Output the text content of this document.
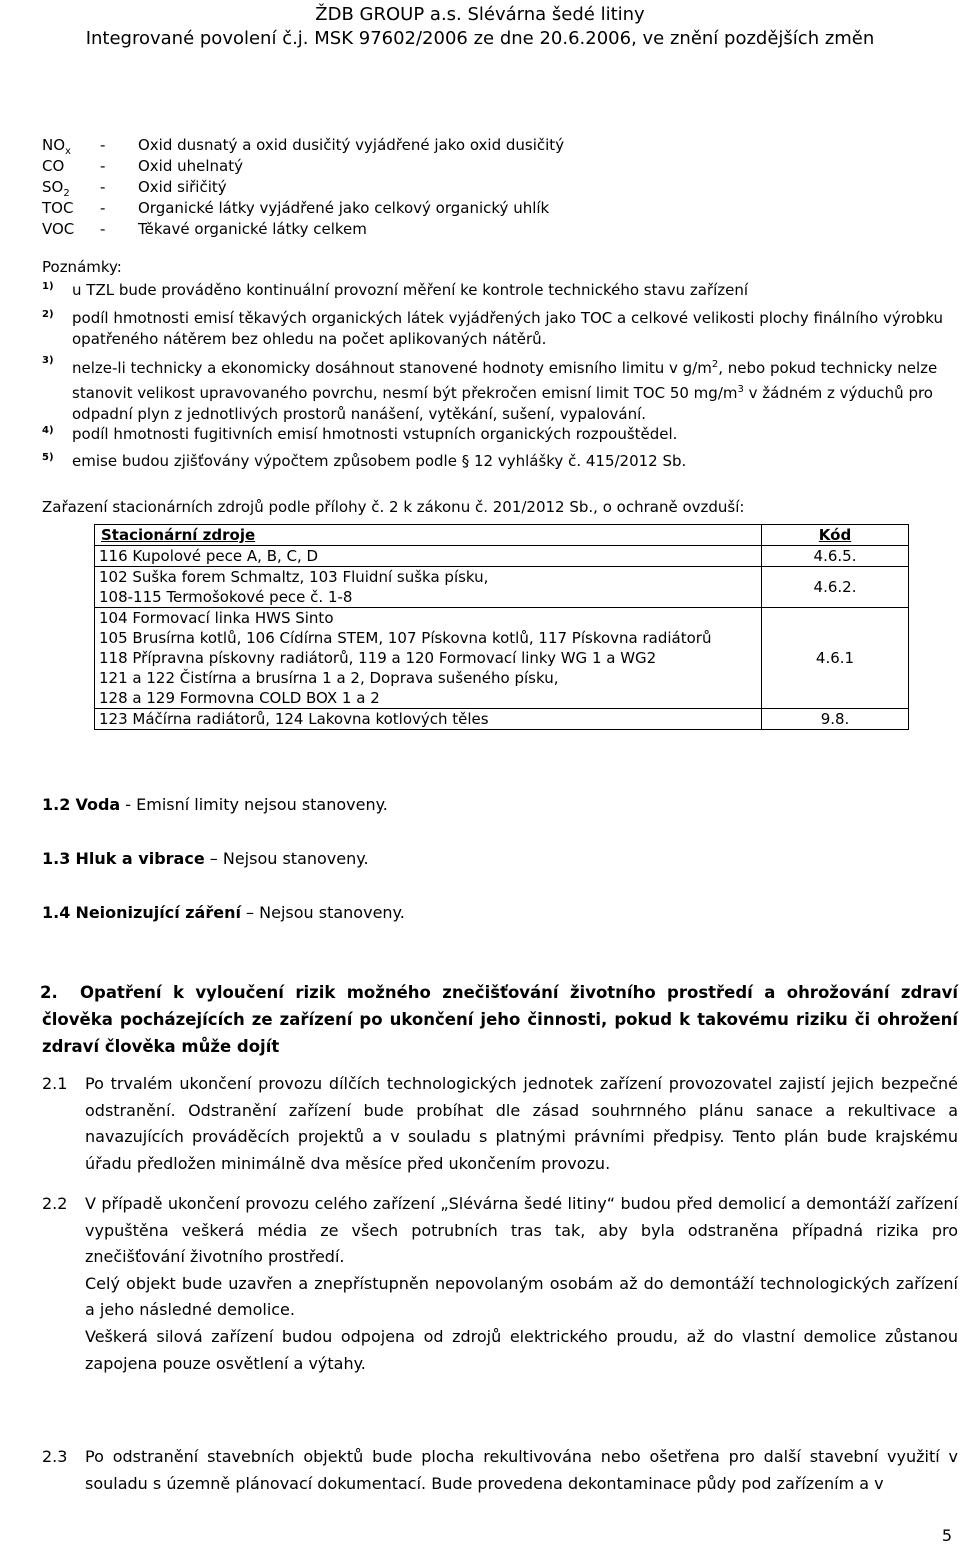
ŽDB GROUP a.s. Slévárna šedé litiny
Integrované povolení č.j. MSK 97602/2006 ze dne 20.6.2006, ve znění pozdějších změn
$NO_x$ - Oxid dusnatý a oxid dusičitý vyjádřené jako oxid dusičitý
CO - Oxid uhelnatý
$SO_2$ - Oxid siřičitý
TOC - Organické látky vyjádřené jako celkový organický uhlík
VOC - Těkavé organické látky celkem
Poznámky:
1) u TZL bude prováděno kontinuální provozní měření ke kontrole technického stavu zařízení
2) podíl hmotnosti emisí těkavých organických látek vyjádřených jako TOC a celkové velikosti plochy finálního výrobku opatřeného nátěrem bez ohledu na počet aplikovaných nátěrů.
3) nelze-li technicky a ekonomicky dosáhnout stanovené hodnoty emisního limitu v $g/m^2$, nebo pokud technicky nelze stanovit velikost upravovaného povrchu, nesmí být překročen emisní limit TOC 50 $mg/m^3$ v žádném z výduchů pro odpadní plyn z jednotlivých prostorů nanášení, vytěkání, sušení, vypalování.
4) podíl hmotnosti fugitivních emisí hmotnosti vstupních organických rozpouštědel.
5) emise budou zjišťovány výpočtem způsobem podle § 12 vyhlášky č. 415/2012 Sb.
Zařazení stacionárních zdrojů podle přílohy č. 2 k zákonu č. 201/2012 Sb., o ochraně ovzduší:
Stacionární zdroje	Kód

116 Kupolové pece A, B, C, D	4.6.5.

102 Suška forem Schmaltz, 103 Fluidní suška písku,
108-115 Termošokové pece č. 1-8	4.6.2.

104 Formovací linka HWS Sinto
105 Brusírna kotlů, 106 Cídírna STEM, 107 Pískovna kotlů, 117 Pískovna radiátorů
118 Přípravna pískovny radiátorů, 119 a 120 Formovací linky WG 1 a WG2
121 a 122 Čistírna a brusírna 1 a 2, Doprava sušeného písku,
128 a 129 Formovna COLD BOX 1 a 2	4.6.1

123 Máčírna radiátorů, 124 Lakovna kotlových těles	9.8.
1.2 Voda - Emisní limity nejsou stanoveny.
1.3 Hluk a vibrace – Nejsou stanoveny.
1.4 Neionizující záření – Nejsou stanoveny.
2.	Opatření k vyloučení rizik možného znečišťování životního prostředí a ohrožování zdraví člověka pocházejících ze zařízení po ukončení jeho činnosti, pokud k takovému riziku či ohrožení zdraví člověka může dojít
2.1 Po trvalém ukončení provozu dílčích technologických jednotek zařízení provozovatel zajistí jejich bezpečné odstranění. Odstranění zařízení bude probíhat dle zásad souhrnného plánu sanace a rekultivace a navazujících prováděcích projektů a v souladu s platnými právními předpisy. Tento plán bude krajskému úřadu předložen minimálně dva měsíce před ukončením provozu.
2.2 V případě ukončení provozu celého zařízení „Slévárna šedé litiny“ budou před demolicí a demontáží zařízení vypuštěna veškerá média ze všech potrubních tras tak, aby byla odstraněna případná rizika pro znečišťování životního prostředí.
Celý objekt bude uzavřen a znepřístupněn nepovolaným osobám až do demontáží technologických zařízení a jeho následné demolice.
Veškerá silová zařízení budou odpojena od zdrojů elektrického proudu, až do vlastní demolice zůstanou zapojena pouze osvětlení a výtahy.
2.3 Po odstranění stavebních objektů bude plocha rekultivována nebo ošetřena pro další stavební využití v souladu s územně plánovací dokumentací. Bude provedena dekontaminace půdy pod zařízením a v
5
